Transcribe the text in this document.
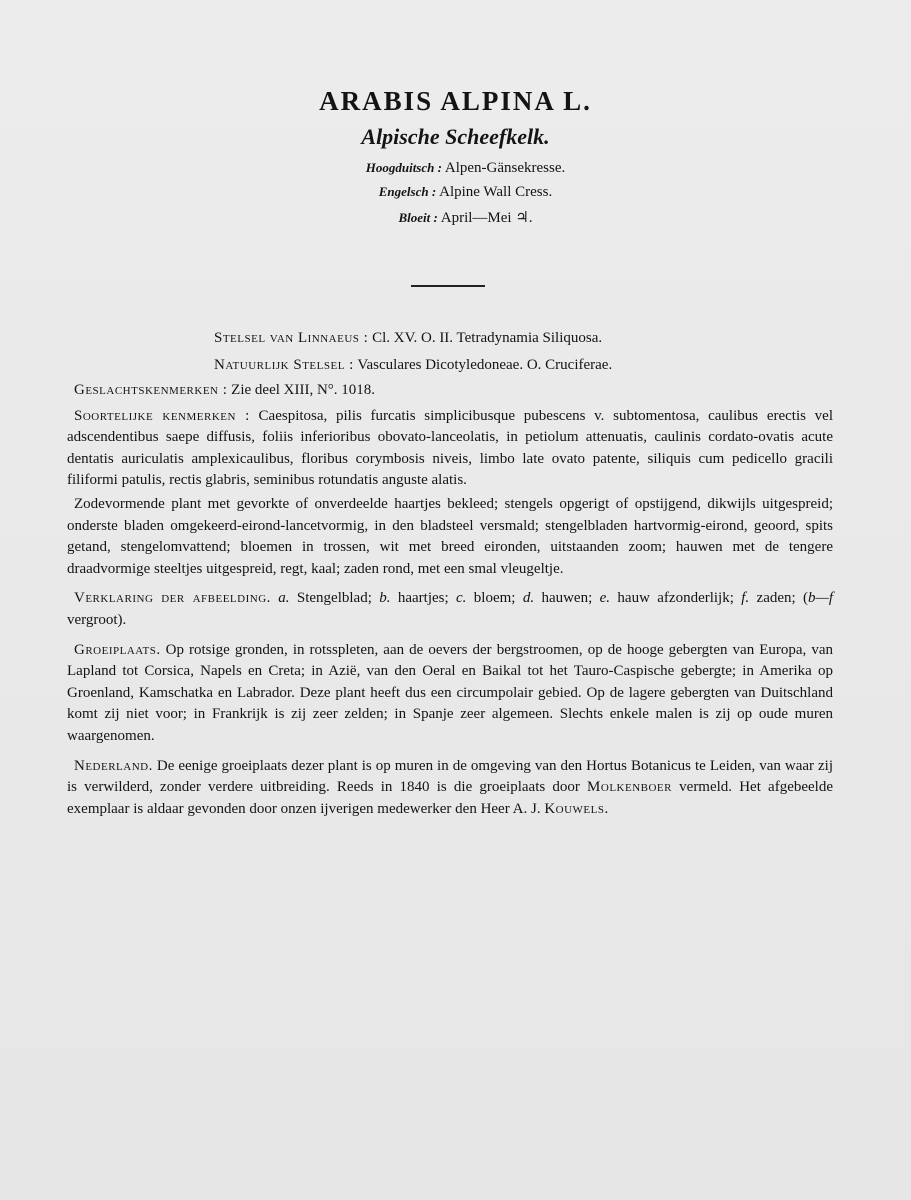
ARABIS ALPINA L.
Alpische Scheefkelk.
Hoogduitsch : Alpen-Gänsekresse.
Engelsch : Alpine Wall Cress.
Bloeit : April—Mei ♃.
Stelsel van Linnaeus : Cl. XV. O. II. Tetradynamia Siliquosa.
Natuurlijk Stelsel : Vasculares Dicotyledoneae. O. Cruciferae.

Geslachtskenmerken : Zie deel XIII, N°. 1018.

Soortelijke kenmerken : Caespitosa, pilis furcatis simplicibusque pubescens v. subtomentosa, caulibus erectis vel adscendentibus saepe diffusis, foliis inferioribus obovato-lanceolatis, in petiolum attenuatis, caulinis cordato-ovatis acute dentatis auriculatis amplexicaulibus, floribus corymbosis niveis, limbo late ovato patente, siliquis cum pedicello gracili filiformi patulis, rectis glabris, seminibus rotundatis anguste alatis.

Zodevormende plant met gevorkte of onverdeelde haartjes bekleed; stengels opgerigt of opstijgend, dikwijls uitgespreid; onderste bladen omgekeerd-eirond-lancetvormig, in den bladsteel versmald; stengelbladen hartvormig-eirond, geoord, spits getand, stengelomvattend; bloemen in trossen, wit met breed eironden, uitstaanden zoom; hauwen met de tengere draadvormige steeltjes uitgespreid, regt, kaal; zaden rond, met een smal vleugeltje.

Verklaring der afbeelding. a. Stengelblad; b. haartjes; c. bloem; d. hauwen; e. hauw afzonderlijk; f. zaden; (b—f vergroot).

Groeiplaats. Op rotsige gronden, in rotsspleten, aan de oevers der bergstroomen, op de hooge gebergten van Europa, van Lapland tot Corsica, Napels en Creta; in Azië, van den Oeral en Baikal tot het Tauro-Caspische gebergte; in Amerika op Groenland, Kamschatka en Labrador. Deze plant heeft dus een circumpolair gebied. Op de lagere gebergten van Duitschland komt zij niet voor; in Frankrijk is zij zeer zelden; in Spanje zeer algemeen. Slechts enkele malen is zij op oude muren waargenomen.

Nederland. De eenige groeiplaats dezer plant is op muren in de omgeving van den Hortus Botanicus te Leiden, van waar zij is verwilderd, zonder verdere uitbreiding. Reeds in 1840 is die groeiplaats door Molkenboer vermeld. Het afgebeelde exemplaar is aldaar gevonden door onzen ijverigen medewerker den Heer A. J. Kouwels.
